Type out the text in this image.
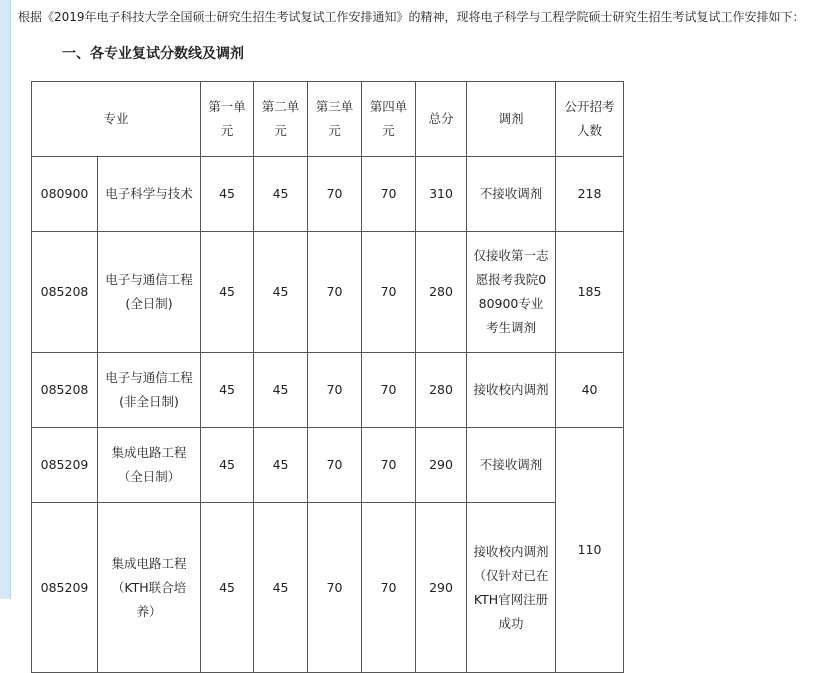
根据《2019年电子科技大学全国硕士研究生招生考试复试工作安排通知》的精神，现将电子科学与工程学院硕士研究生招生考试复试工作安排如下：
一、各专业复试分数线及调剂
专业		第一单元	第二单元	第三单元	第四单元	总分	调剂	公开招考人数
080900	电子科学与技术	45	45	70	70	310	不接收调剂	218
085208	电子与通信工程(全日制)	45	45	70	70	280	仅接收第一志愿报考我院080900专业考生调剂	185
085208	电子与通信工程(非全日制)	45	45	70	70	280	接收校内调剂	40
085209	集成电路工程（全日制）	45	45	70	70	290	不接收调剂	110
085209	集成电路工程（KTH联合培养）	45	45	70	70	290	接收校内调剂（仅针对已在KTH官网注册成功	
